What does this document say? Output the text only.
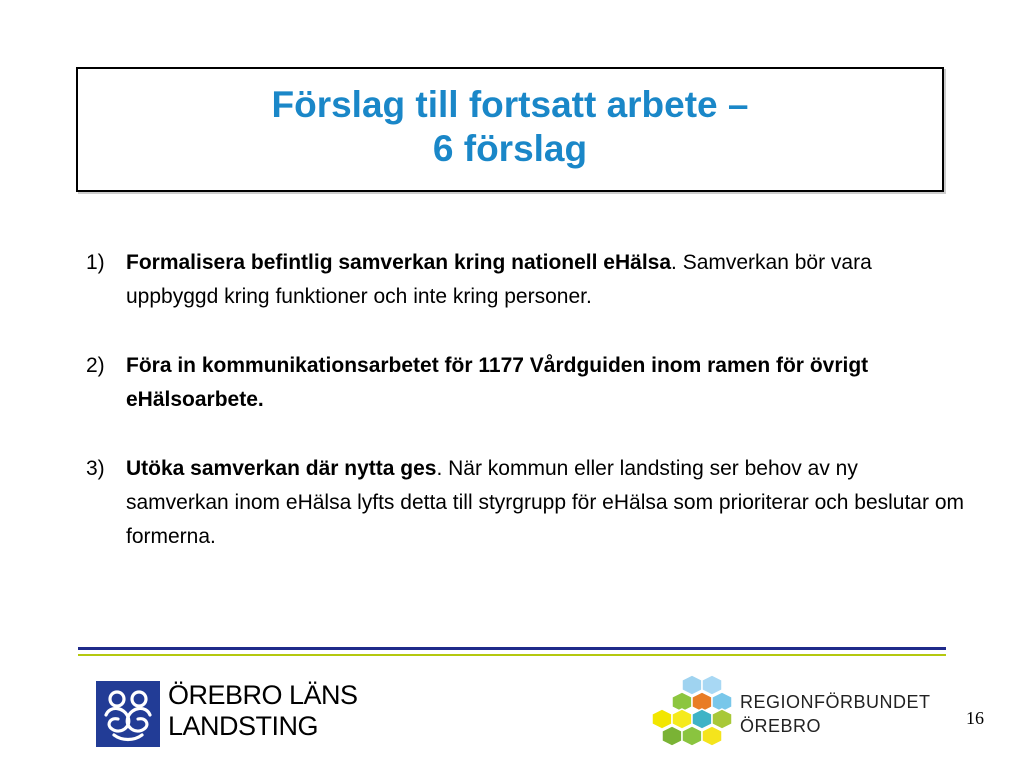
Förslag till fortsatt arbete –
6 förslag
1) Formalisera befintlig samverkan kring nationell eHälsa. Samverkan bör vara uppbyggd kring funktioner och inte kring personer.
2) Föra in kommunikationsarbetet för 1177 Vårdguiden inom ramen för övrigt eHälsoarbete.
3) Utöka samverkan där nytta ges. När kommun eller landsting ser behov av ny samverkan inom eHälsa lyfts detta till styrgrupp för eHälsa som prioriterar och beslutar om formerna.
ÖREBRO LÄNS
LANDSTING
REGIONFÖRBUNDET
ÖREBRO	16
